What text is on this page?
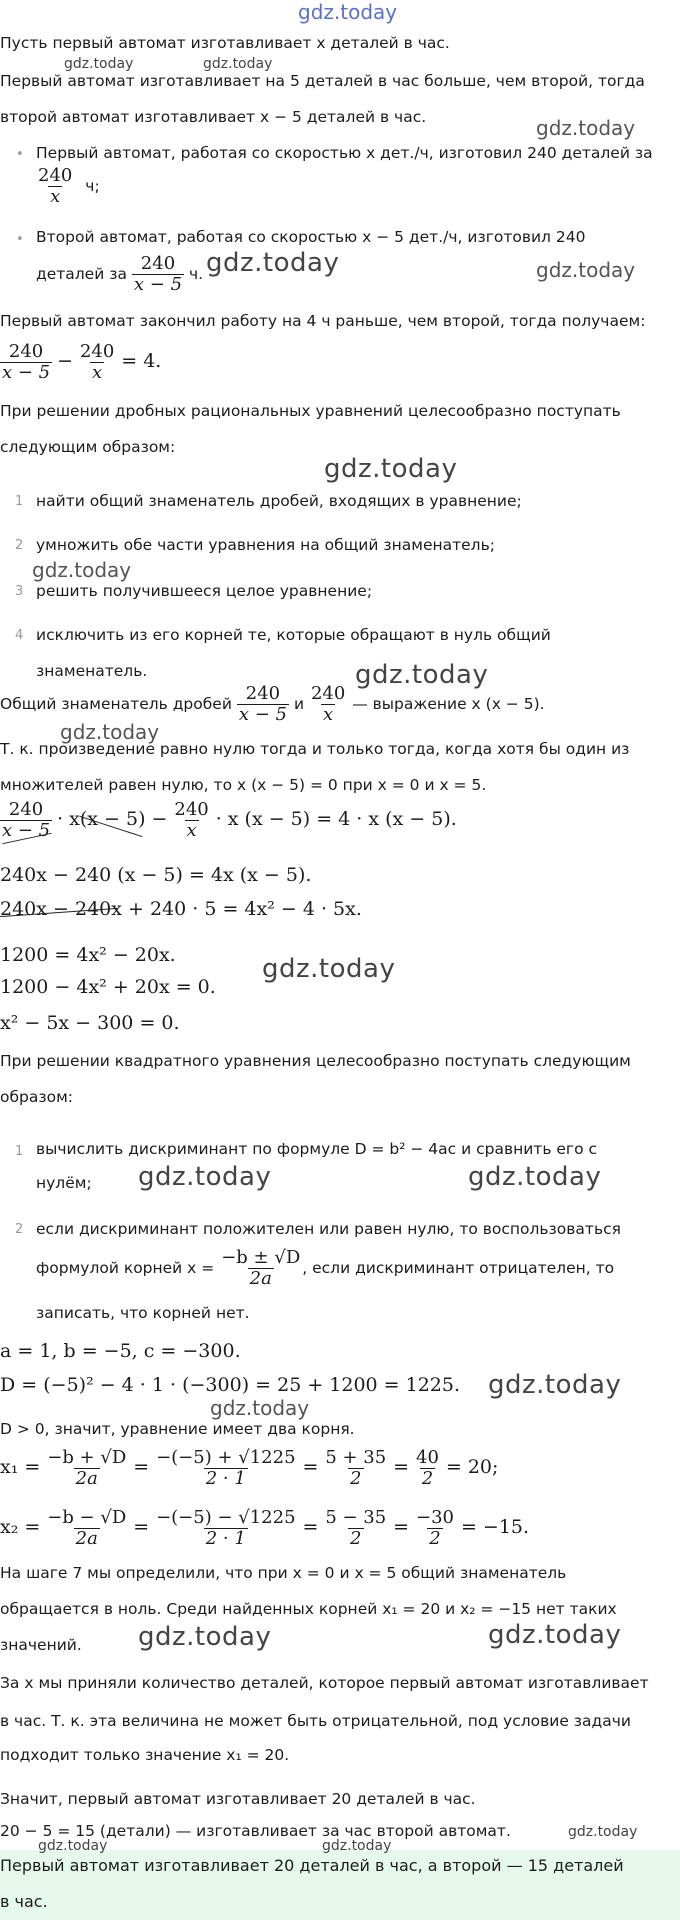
gdz.today
gdz.today	gdz.today
gdz.today
gdz.today	gdz.today
gdz.today
gdz.today
gdz.today
gdz.today
gdz.today
gdz.today	gdz.today
gdz.today
gdz.today
gdz.today	gdz.today
gdz.today
gdz.today	gdz.today
Пусть первый автомат изготавливает x деталей в час.
Первый автомат изготавливает на 5 деталей в час больше, чем второй, тогда
второй автомат изготавливает x − 5 деталей в час.
• Первый автомат, работая со скоростью x дет./ч, изготовил 240 деталей за
$\frac{240}{x} ч$;
• Второй автомат, работая со скоростью x − 5 дет./ч, изготовил 240
деталей за $\frac{240}{x - 5} ч$.
Первый автомат закончил работу на 4 ч раньше, чем второй, тогда получаем:
$\frac{240}{x - 5} - \frac{240}{x} = 4$.
При решении дробных рациональных уравнений целесообразно поступать
следующим образом:
1 найти общий знаменатель дробей, входящих в уравнение;
2 умножить обе части уравнения на общий знаменатель;
3 решить получившееся целое уравнение;
4 исключить из его корней те, которые обращают в нуль общий
знаменатель.
Общий знаменатель дробей $\frac{240}{x - 5}$ и $\frac{240}{x}$ — выражение x (x − 5).
Т. к. произведение равно нулю тогда и только тогда, когда хотя бы один из
множителей равен нулю, то x (x − 5) = 0 при x = 0 и x = 5.
$\frac{240}{x - 5} \cdot x(x - 5) - \frac{240}{x} \cdot x$ (x − 5) = 4 · x (x − 5).
240x − 240 (x − 5) = 4x (x − 5).
240x − 240x + 240 · 5 = 4x² − 4 · 5x.
1200 = 4x² − 20x.
1200 − 4x² + 20x = 0.
x² − 5x − 300 = 0.
При решении квадратного уравнения целесообразно поступать следующим
образом:
1 вычислить дискриминант по формуле D = b² − 4ac и сравнить его с
нулём;
2 если дискриминант положителен или равен нулю, то воспользоваться
формулой корней $x = \frac{-b \pm √D}{2a}$ , если дискриминант отрицателен, то
записать, что корней нет.
a = 1, b = −5, c = −300.
D = (−5)² − 4 · 1 · (−300) = 25 + 1200 = 1225.
D > 0, значит, уравнение имеет два корня.
$x_1 = \frac{-b + √D}{2a} = \frac{-(-5) + √1225}{2 \cdot 1} = \frac{5 + 35}{2} = \frac{40}{2} = 20$;
$x_2 = \frac{-b - √D}{2a} = \frac{-(-5) - √1225}{2 \cdot 1} = \frac{5 - 35}{2} = \frac{-30}{2} = -15$.
На шаге 7 мы определили, что при x = 0 и x = 5 общий знаменатель
обращается в ноль. Среди найденных корней x₁ = 20 и x₂ = −15 нет таких
значений.
За x мы приняли количество деталей, которое первый автомат изготавливает
в час. Т. к. эта величина не может быть отрицательной, под условие задачи
подходит только значение x₁ = 20.
Значит, первый автомат изготавливает 20 деталей в час.
20 − 5 = 15 (детали) — изготавливает за час второй автомат.
Первый автомат изготавливает 20 деталей в час, а второй — 15 деталей
в час.
